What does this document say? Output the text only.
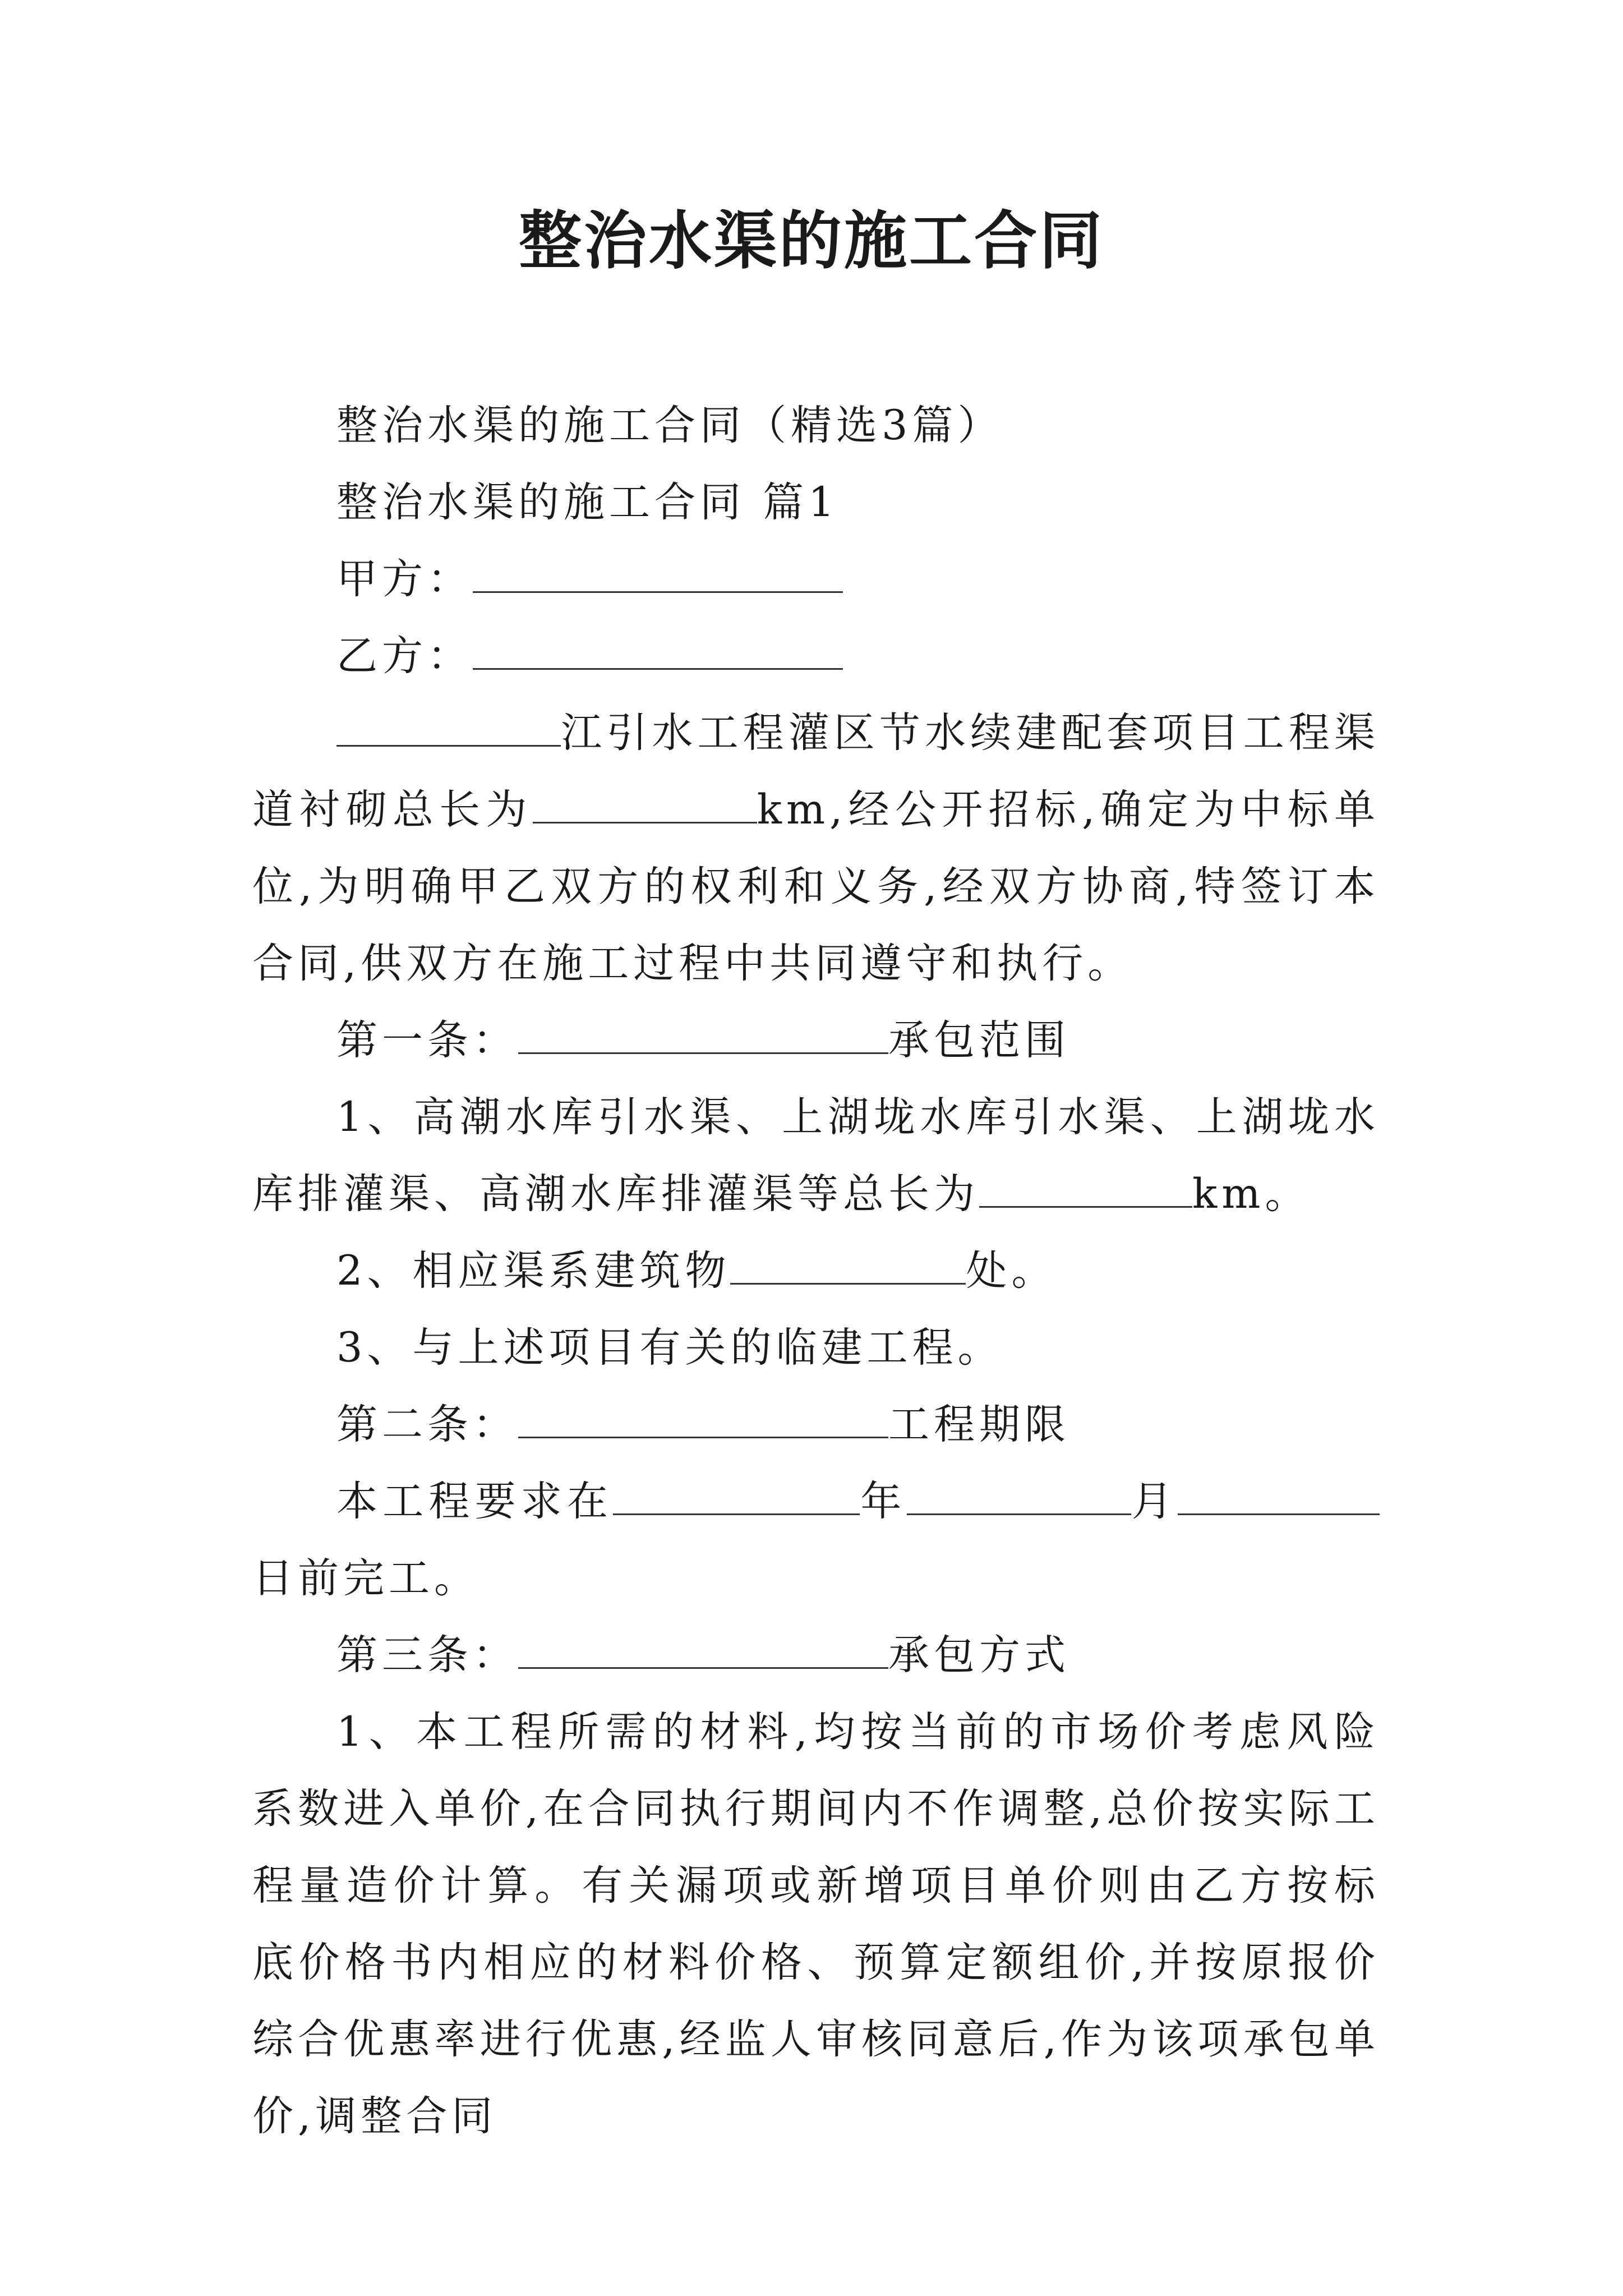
整治水渠的施工合同

整治水渠的施工合同（精选3篇）

整治水渠的施工合同 篇1

甲方：

乙方：

江引水工程灌区节水续建配套项目工程渠道衬砌总长为	km,经公开招标,确定为中标单位,为明确甲乙双方的权利和义务,经双方协商,特签订本合同,供双方在施工过程中共同遵守和执行。

第一条：	承包范围

1、高潮水库引水渠、上湖垅水库引水渠、上湖垅水库排灌渠、高潮水库排灌渠等总长为	km。

2、相应渠系建筑物	处。

3、与上述项目有关的临建工程。

第二条：	工程期限

本工程要求在	年	月日前完工。

第三条：	承包方式

1、本工程所需的材料,均按当前的市场价考虑风险系数进入单价,在合同执行期间内不作调整,总价按实际工程量造价计算。有关漏项或新增项目单价则由乙方按标底价格书内相应的材料价格、预算定额组价,并按原报价综合优惠率进行优惠,经监人审核同意后,作为该项承包单价,调整合同
